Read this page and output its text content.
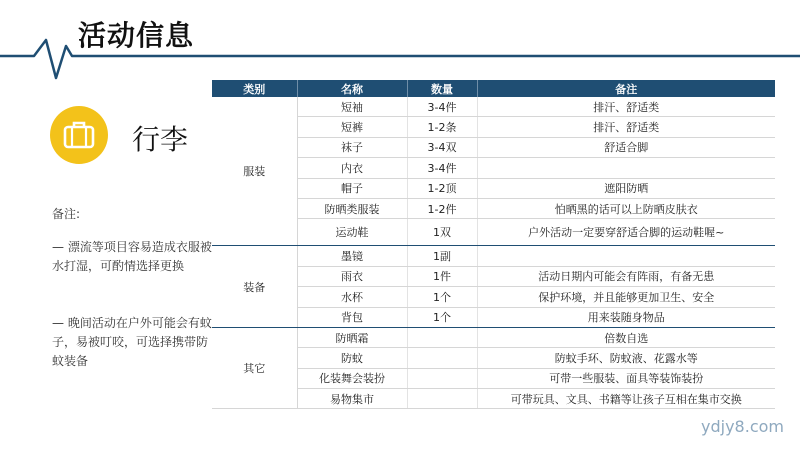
活动信息
行李
备注:
— 漂流等项目容易造成衣服被水打湿，可酌情选择更换
— 晚间活动在户外可能会有蚊子，易被叮咬，可选择携带防蚊装备
类别	名称	数量	备注
服装	短袖	3-4件	排汗、舒适类
	短裤	1-2条	排汗、舒适类
	袜子	3-4双	舒适合脚
	内衣	3-4件	
	帽子	1-2顶	遮阳防晒
	防晒类服装	1-2件	怕晒黑的话可以上防晒皮肤衣
	运动鞋	1双	户外活动一定要穿舒适合脚的运动鞋喔~
装备	墨镜	1副	
	雨衣	1件	活动日期内可能会有阵雨，有备无患
	水杯	1个	保护环境，并且能够更加卫生、安全
	背包	1个	用来装随身物品
其它	防晒霜		倍数自选
	防蚊		防蚊手环、防蚊液、花露水等
	化装舞会装扮		可带一些服装、面具等装饰装扮
	易物集市		可带玩具、文具、书籍等让孩子互相在集市交换
ydjy8.com
